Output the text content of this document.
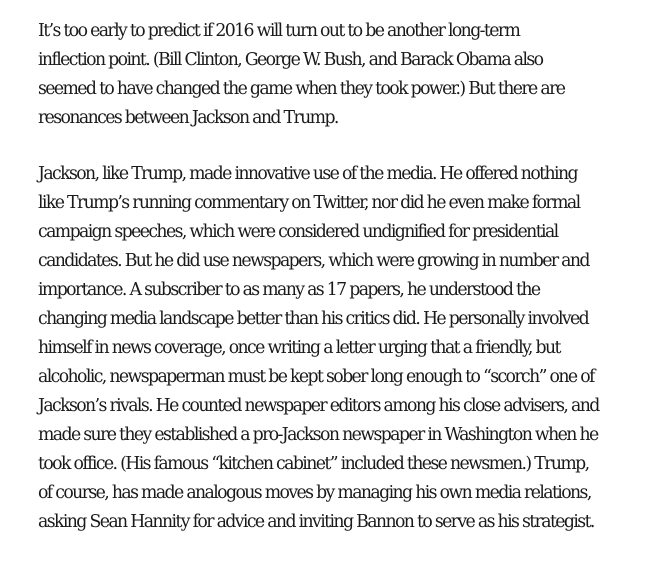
It’s too early to predict if 2016 will turn out to be another long-term
inflection point. (Bill Clinton, George W. Bush, and Barack Obama also
seemed to have changed the game when they took power.) But there are
resonances between Jackson and Trump.

Jackson, like Trump, made innovative use of the media. He offered nothing
like Trump’s running commentary on Twitter, nor did he even make formal
campaign speeches, which were considered undignified for presidential
candidates. But he did use newspapers, which were growing in number and
importance. A subscriber to as many as 17 papers, he understood the
changing media landscape better than his critics did. He personally involved
himself in news coverage, once writing a letter urging that a friendly, but
alcoholic, newspaperman must be kept sober long enough to “scorch” one of
Jackson’s rivals. He counted newspaper editors among his close advisers, and
made sure they established a pro-Jackson newspaper in Washington when he
took office. (His famous “kitchen cabinet” included these newsmen.) Trump,
of course, has made analogous moves by managing his own media relations,
asking Sean Hannity for advice and inviting Bannon to serve as his strategist.
